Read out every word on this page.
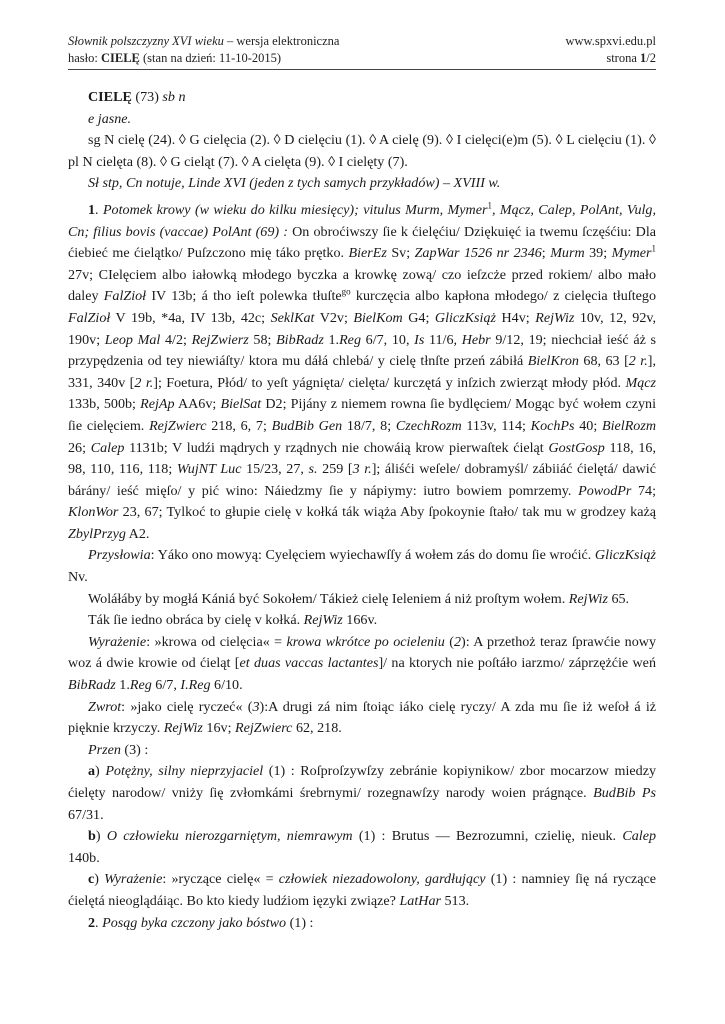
Słownik polszczyzny XVI wieku – wersja elektroniczna	www.spxvi.edu.pl
hasło: CIELĘ (stan na dzień: 11-10-2015)	strona 1/2

CIELĘ (73) sb n

e jasne.

sg N cielę (24). ◊ G cielęcia (2). ◊ D cielęciu (1). ◊ A cielę (9). ◊ I cielęci(e)m (5). ◊ L cielęciu (1). ◊ pl N cielęta (8). ◊ G cieląt (7). ◊ A cielęta (9). ◊ I cielęty (7).

Sł stp, Cn notuje, Linde XVI (jeden z tych samych przykładów) – XVIII w.

1. Potomek krowy (w wieku do kilku miesięcy); vitulus Murm, Mymer$^1$, Mącz, Calep, PolAnt, Vulg, Cn; filius bovis (vaccae) PolAnt (69) : On obroćiwszy ſie k ćielęćiu/ Dziękuięć ia twemu ſczęśćiu: Dla ćiebieć me ćielątko/ Puſzczono mię táko prętko. BierEz Sv; ZapWar 1526 nr 2346; Murm 39; Mymer$^1$ 27v; CIelęciem albo iałowką młodego byczka a krowkę zową/ czo ieſzcże przed rokiem/ albo mało daley FalZioł IV 13b; á tho ieſt polewka tłuſte$^{go}$ kurczęcia albo kapłona młodego/ z cielęcia tłuſtego FalZioł V 19b, *4a, IV 13b, 42c; SeklKat V2v; BielKom G4; GliczKsiąż H4v; RejWiz 10v, 12, 92v, 190v; Leop Mal 4/2; RejZwierz 58; BibRadz 1.Reg 6/7, 10, Is 11/6, Hebr 9/12, 19; niechciał ieść áż s przypędzenia od tey niewiáſty/ ktora mu dáłá chlebá/ y cielę tłnſte przeń zábiłá BielKron 68, 63 [2 r.], 331, 340v [2 r.]; Foetura, Płód/ to yeſt yágnięta/ cielęta/ kurczętá y inſzich zwierząt młody płód. Mącz 133b, 500b; RejAp AA6v; BielSat D2; Pijány z niemem rowna ſie bydlęciem/ Mogąc być wołem czyni ſie cielęciem. RejZwierc 218, 6, 7; BudBib Gen 18/7, 8; CzechRozm 113v, 114; KochPs 40; BielRozm 26; Calep 1131b; V ludźi mądrych y rządnych nie chowáią krow pierwaſtek ćieląt GostGosp 118, 16, 98, 110, 116, 118; WujNT Luc 15/23, 27, s. 259 [3 r.]; áliśći weſele/ dobramyśl/ zábiiáć ćielętá/ dawić bárány/ ieść mięſo/ y pić wino: Náiedzmy ſie y nápiymy: iutro bowiem pomrzemy. PowodPr 74; KlonWor 23, 67; Tylkoć to głupie cielę v kołká ták wiąża Aby ſpokoynie ſtało/ tak mu w grodzey każą ZbylPrzyg A2.

Przysłowia: Yáko ono mowyą: Cyelęciem wyiechawſſy á wołem zás do domu ſie wroćić. GliczKsiąż Nv.

Woláłáby by mogłá Kániá być Sokołem/ Tákież cielę Ieleniem á niż proſtym wołem. RejWiz 65.

Ták ſie iedno obráca by cielę v kołká. RejWiz 166v.

Wyrażenie: »krowa od cielęcia« = krowa wkrótce po ocieleniu (2): A przethoż teraz ſprawćie nowy woz á dwie krowie od ćieląt [et duas vaccas lactantes]/ na ktorych nie poſtáło iarzmo/ záprzężćie weń BibRadz 1.Reg 6/7, I.Reg 6/10.

Zwrot: »jako cielę ryczeć« (3):A drugi zá nim ſtoiąc iáko cielę ryczy/ A zda mu ſie iż weſoł á iż pięknie krzyczy. RejWiz 16v; RejZwierc 62, 218.

Przen (3) :

a) Potężny, silny nieprzyjaciel (1) : Roſproſzywſzy zebránie kopiynikow/ zbor mocarzow miedzy ćielęty narodow/ vniży ſię zvłomkámi śrebrnymi/ rozegnawſzy narody woien prágnące. BudBib Ps 67/31.

b) O człowieku nierozgarniętym, niemrawym (1) : Brutus — Bezrozumni, czielię, nieuk. Calep 140b.

c) Wyrażenie: »ryczące cielę« = człowiek niezadowolony, gardłujący (1) : namniey ſię ná ryczące ćielętá nieoglądáiąc. Bo kto kiedy ludźiom ięzyki związe? LatHar 513.

2. Posąg byka czczony jako bóstwo (1) :
